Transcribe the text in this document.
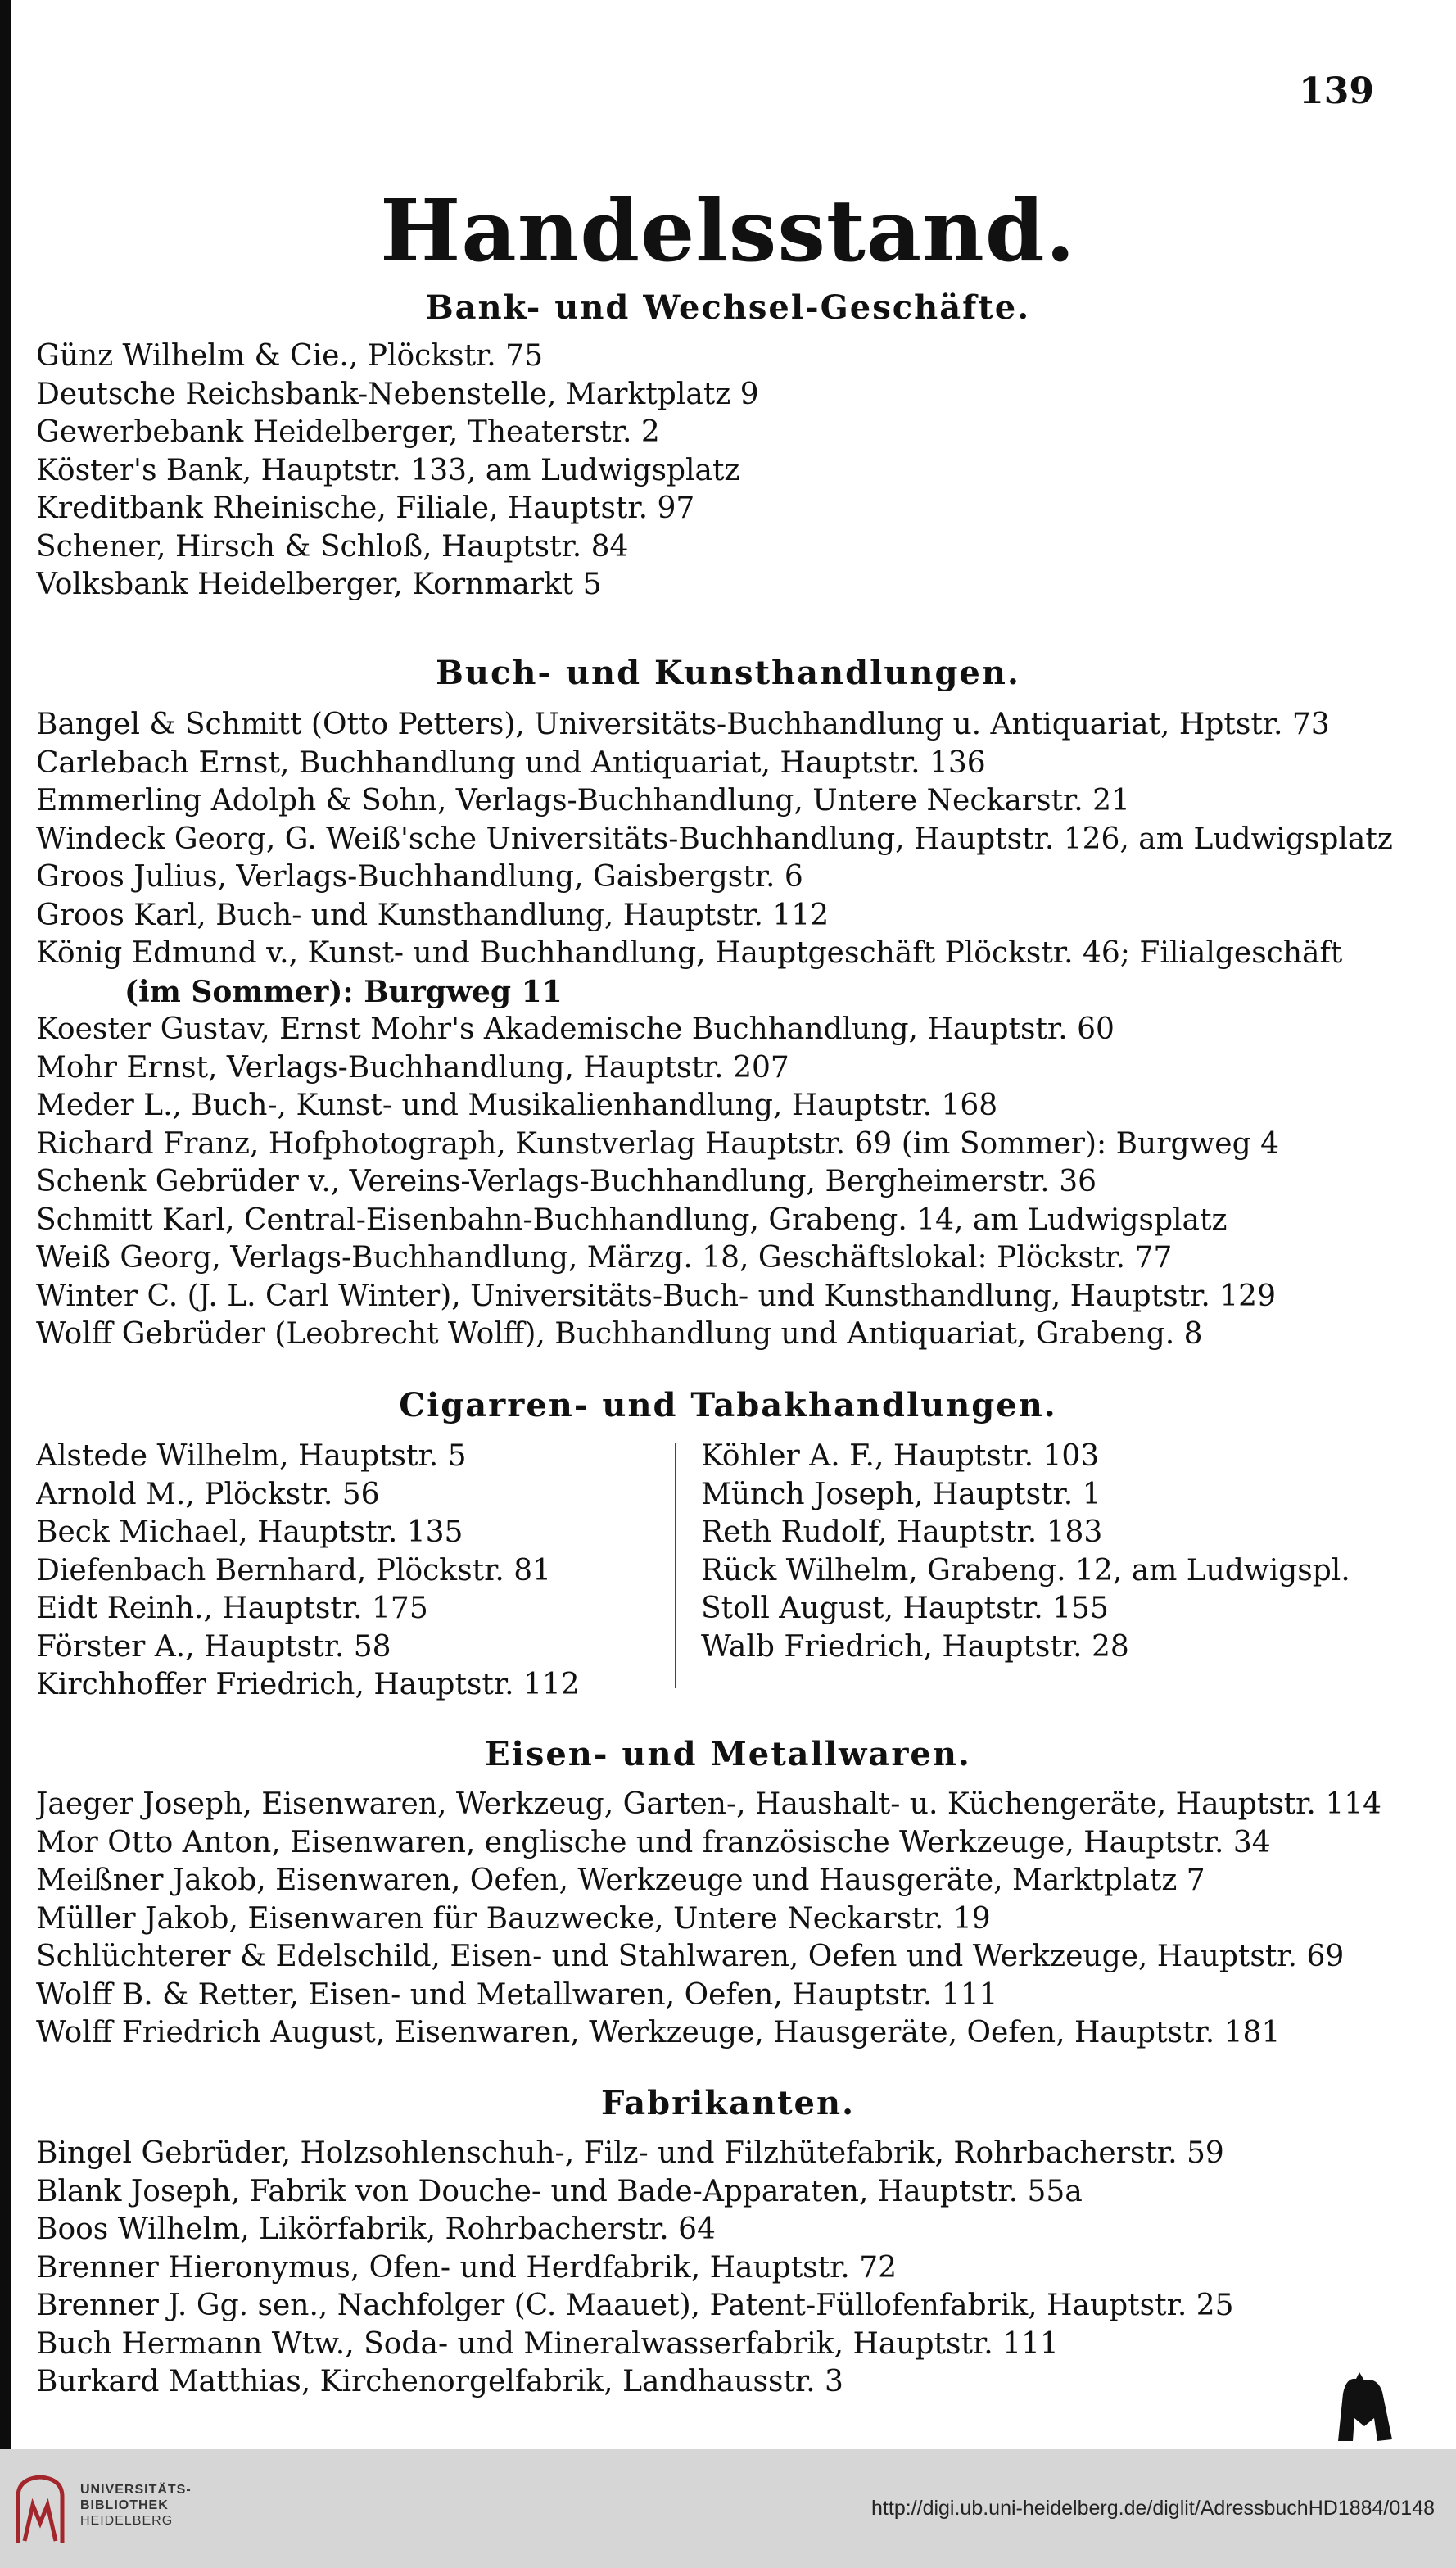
139
Handelsstand.
Bank- und Wechsel-Geschäfte.
Günz Wilhelm & Cie., Plöckstr. 75
Deutsche Reichsbank-Nebenstelle, Marktplatz 9
Gewerbebank Heidelberger, Theaterstr. 2
Köster's Bank, Hauptstr. 133, am Ludwigsplatz
Kreditbank Rheinische, Filiale, Hauptstr. 97
Schener, Hirsch & Schloß, Hauptstr. 84
Volksbank Heidelberger, Kornmarkt 5
Buch- und Kunsthandlungen.
Bangel & Schmitt (Otto Petters), Universitäts-Buchhandlung u. Antiquariat, Hptstr. 73
Carlebach Ernst, Buchhandlung und Antiquariat, Hauptstr. 136
Emmerling Adolph & Sohn, Verlags-Buchhandlung, Untere Neckarstr. 21
Windeck Georg, G. Weiß'sche Universitäts-Buchhandlung, Hauptstr. 126, am Ludwigsplatz
Groos Julius, Verlags-Buchhandlung, Gaisbergstr. 6
Groos Karl, Buch- und Kunsthandlung, Hauptstr. 112
König Edmund v., Kunst- und Buchhandlung, Hauptgeschäft Plöckstr. 46; Filialgeschäft
(im Sommer): Burgweg 11
Koester Gustav, Ernst Mohr's Akademische Buchhandlung, Hauptstr. 60
Mohr Ernst, Verlags-Buchhandlung, Hauptstr. 207
Meder L., Buch-, Kunst- und Musikalienhandlung, Hauptstr. 168
Richard Franz, Hofphotograph, Kunstverlag Hauptstr. 69 (im Sommer): Burgweg 4
Schenk Gebrüder v., Vereins-Verlags-Buchhandlung, Bergheimerstr. 36
Schmitt Karl, Central-Eisenbahn-Buchhandlung, Grabeng. 14, am Ludwigsplatz
Weiß Georg, Verlags-Buchhandlung, Märzg. 18, Geschäftslokal: Plöckstr. 77
Winter C. (J. L. Carl Winter), Universitäts-Buch- und Kunsthandlung, Hauptstr. 129
Wolff Gebrüder (Leobrecht Wolff), Buchhandlung und Antiquariat, Grabeng. 8
Cigarren- und Tabakhandlungen.
Alstede Wilhelm, Hauptstr. 5
Arnold M., Plöckstr. 56
Beck Michael, Hauptstr. 135
Diefenbach Bernhard, Plöckstr. 81
Eidt Reinh., Hauptstr. 175
Förster A., Hauptstr. 58
Kirchhoffer Friedrich, Hauptstr. 112
Köhler A. F., Hauptstr. 103
Münch Joseph, Hauptstr. 1
Reth Rudolf, Hauptstr. 183
Rück Wilhelm, Grabeng. 12, am Ludwigspl.
Stoll August, Hauptstr. 155
Walb Friedrich, Hauptstr. 28
Eisen- und Metallwaren.
Jaeger Joseph, Eisenwaren, Werkzeug, Garten-, Haushalt- u. Küchengeräte, Hauptstr. 114
Mor Otto Anton, Eisenwaren, englische und französische Werkzeuge, Hauptstr. 34
Meißner Jakob, Eisenwaren, Oefen, Werkzeuge und Hausgeräte, Marktplatz 7
Müller Jakob, Eisenwaren für Bauzwecke, Untere Neckarstr. 19
Schlüchterer & Edelschild, Eisen- und Stahlwaren, Oefen und Werkzeuge, Hauptstr. 69
Wolff B. & Retter, Eisen- und Metallwaren, Oefen, Hauptstr. 111
Wolff Friedrich August, Eisenwaren, Werkzeuge, Hausgeräte, Oefen, Hauptstr. 181
Fabrikanten.
Bingel Gebrüder, Holzsohlenschuh-, Filz- und Filzhütefabrik, Rohrbacherstr. 59
Blank Joseph, Fabrik von Douche- und Bade-Apparaten, Hauptstr. 55a
Boos Wilhelm, Likörfabrik, Rohrbacherstr. 64
Brenner Hieronymus, Ofen- und Herdfabrik, Hauptstr. 72
Brenner J. Gg. sen., Nachfolger (C. Maauet), Patent-Füllofenfabrik, Hauptstr. 25
Buch Hermann Wtw., Soda- und Mineralwasserfabrik, Hauptstr. 111
Burkard Matthias, Kirchenorgelfabrik, Landhausstr. 3
UNIVERSITÄTS-
BIBLIOTHEK
HEIDELBERG
http://digi.ub.uni-heidelberg.de/diglit/AdressbuchHD1884/0148
